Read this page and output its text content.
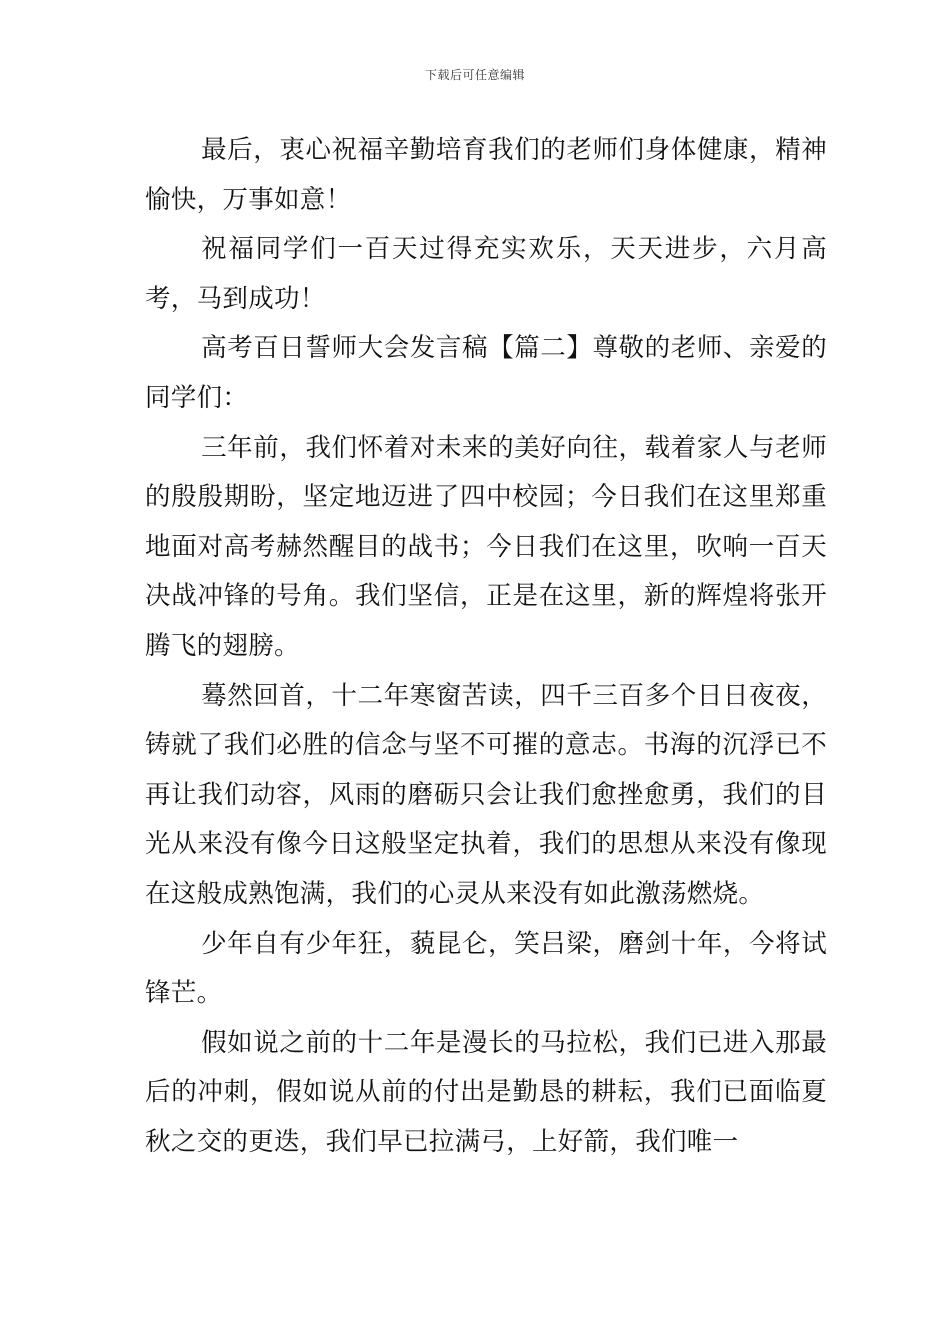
下载后可任意编辑

最后，衷心祝福辛勤培育我们的老师们身体健康，精神愉快，万事如意！

祝福同学们一百天过得充实欢乐，天天进步，六月高考，马到成功！

高考百日誓师大会发言稿【篇二】尊敬的老师、亲爱的同学们：

三年前，我们怀着对未来的美好向往，载着家人与老师的殷殷期盼，坚定地迈进了四中校园；今日我们在这里郑重地面对高考赫然醒目的战书；今日我们在这里，吹响一百天决战冲锋的号角。我们坚信，正是在这里，新的辉煌将张开腾飞的翅膀。

蓦然回首，十二年寒窗苦读，四千三百多个日日夜夜，铸就了我们必胜的信念与坚不可摧的意志。书海的沉浮已不再让我们动容，风雨的磨砺只会让我们愈挫愈勇，我们的目光从来没有像今日这般坚定执着，我们的思想从来没有像现在这般成熟饱满，我们的心灵从来没有如此激荡燃烧。

少年自有少年狂，藐昆仑，笑吕梁，磨剑十年，今将试锋芒。

假如说之前的十二年是漫长的马拉松，我们已进入那最后的冲刺，假如说从前的付出是勤恳的耕耘，我们已面临夏秋之交的更迭，我们早已拉满弓，上好箭，我们唯一
